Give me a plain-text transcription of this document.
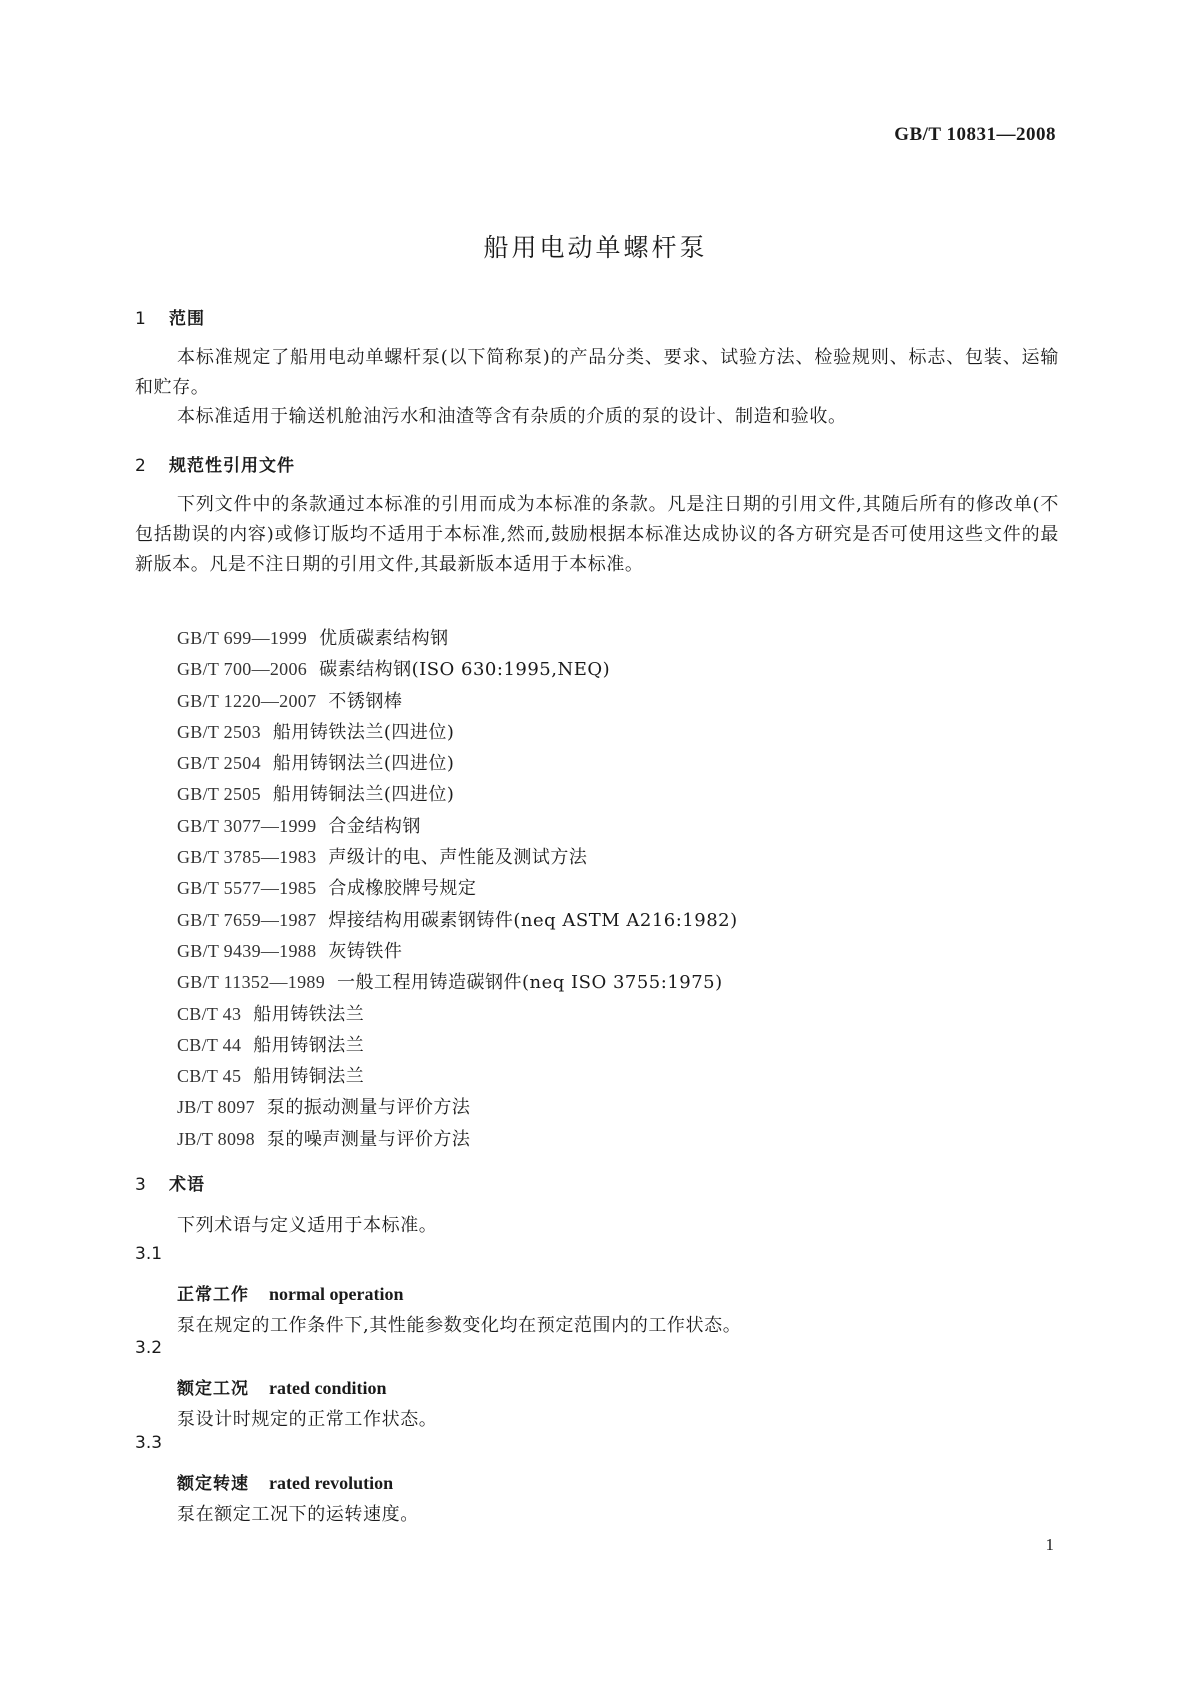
GB/T 10831—2008
船用电动单螺杆泵
1 范围
本标准规定了船用电动单螺杆泵(以下简称泵)的产品分类、要求、试验方法、检验规则、标志、包装、运输和贮存。
本标准适用于输送机舱油污水和油渣等含有杂质的介质的泵的设计、制造和验收。
2 规范性引用文件
下列文件中的条款通过本标准的引用而成为本标准的条款。凡是注日期的引用文件,其随后所有的修改单(不包括勘误的内容)或修订版均不适用于本标准,然而,鼓励根据本标准达成协议的各方研究是否可使用这些文件的最新版本。凡是不注日期的引用文件,其最新版本适用于本标准。
GB/T 699—1999 优质碳素结构钢
GB/T 700—2006 碳素结构钢(ISO 630:1995,NEQ)
GB/T 1220—2007 不锈钢棒
GB/T 2503 船用铸铁法兰(四进位)
GB/T 2504 船用铸钢法兰(四进位)
GB/T 2505 船用铸铜法兰(四进位)
GB/T 3077—1999 合金结构钢
GB/T 3785—1983 声级计的电、声性能及测试方法
GB/T 5577—1985 合成橡胶牌号规定
GB/T 7659—1987 焊接结构用碳素钢铸件(neq ASTM A216:1982)
GB/T 9439—1988 灰铸铁件
GB/T 11352—1989 一般工程用铸造碳钢件(neq ISO 3755:1975)
CB/T 43 船用铸铁法兰
CB/T 44 船用铸钢法兰
CB/T 45 船用铸铜法兰
JB/T 8097 泵的振动测量与评价方法
JB/T 8098 泵的噪声测量与评价方法
3 术语
下列术语与定义适用于本标准。
3.1
正常工作 normal operation
泵在规定的工作条件下,其性能参数变化均在预定范围内的工作状态。
3.2
额定工况 rated condition
泵设计时规定的正常工作状态。
3.3
额定转速 rated revolution
泵在额定工况下的运转速度。
1
